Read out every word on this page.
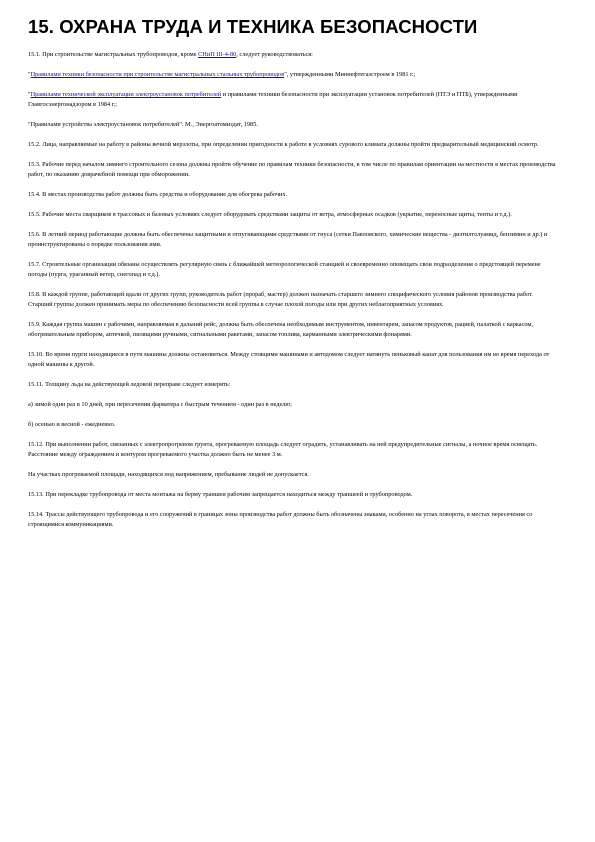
15. ОХРАНА ТРУДА И ТЕХНИКА БЕЗОПАСНОСТИ

15.1. При строительстве магистральных трубопроводов, кроме СНиП III-4-80, следует руководствоваться:

"Правилами техники безопасности при строительстве магистральных стальных трубопроводов", утвержденными Миннефтегазстроем в 1981 г.;

"Правилами технической эксплуатации электроустановок потребителей и правилами техники безопасности при эксплуатации установок потребителей (ПТЭ и ПТБ), утвержденными Главгосэнергонадзором в 1984 г.;

"Правилами устройства электроустановок потребителей". М., Энергоатомиздат, 1985.

15.2. Лица, направляемые на работу в районы вечной мерзлоты, при определении пригодности к работе в условиях сурового климата должны пройти предварительный медицинский осмотр.

15.3. Рабочие перед началом зимнего строительного сезона должны пройти обучение по правилам техники безопасности, в том числе по правилам ориентации на местности в местах производства работ, по оказанию доврачебной помощи при обморожении.

15.4. В местах производства работ должны быть средства и оборудование для обогрева рабочих.

15.5. Рабочие места сварщиков в трассовых и базовых условиях следует оборудовать средствами защиты от ветра, атмосферных осадков (укрытие, переносные щиты, тенты и т.д.).

15.6. В летний период работающие должны быть обеспечены защитными и отпугивающими средствами от гнуса (сетки Павловского, химические вещества - диэтилтолуамид, бензимин и др.) и проинструктированы о порядке пользования ими.

15.7. Строительные организации обязаны осуществлять регулярную связь с ближайшей метеорологической станцией и своевременно оповещать свои подразделения о предстоящей перемене погоды (пурга, ураганный ветер, снегопад и т.д.).

15.8. В каждой группе, работающей вдали от других групп, руководитель работ (прораб, мастер) должен назначать старшего зимнего специфического условия районов производства работ. Старший группы должен принимать меры по обеспечению безопасности всей группы в случае плохой погоды или при других неблагоприятных условиях.

15.9. Каждая группа машин с рабочими, направляемая в дальний рейс, должна быть обеспечена необходимым инструментом, инвентарем, запасом продуктов, рацией, палаткой с каркасом, обогревательным прибором, аптечкой, пилящими ручными, сигнальными ракетами, запасом топлива, карманными электрическими фонарями.

15.10. Во время пурги находящиеся в пути машины должны остановиться. Между стоящими машинами и автодомом следует натянуть пеньковый канат для пользования им во время перехода от одной машины к другой.

15.11. Толщину льда на действующей ледовой переправе следует измерять:

а) зимой один раз в 10 дней, при пересечении фарватера с быстрым течением - один раз в неделю;

б) осенью и весной - ежедневно.

15.12. При выполнении работ, связанных с электропрогревом грунта, прогреваемую площадь следует оградить, устанавливать на ней предупредительные сигналы, а ночное время освещать. Расстояние между ограждением и контуром прогреваемого участка должно быть не менее 3 м.

На участках прогреваемой площади, находящихся под напряжением, пребывание людей не допускается.

15.13. При перекладке трубопровода от места монтажа на берму траншеи рабочим запрещается находиться между траншеей и трубопроводом.

15.14. Трассы действующего трубопровода и его сооружений в границах зоны производства работ должны быть обозначены знаками, особенно на углах поворота, в местах пересечения со строящимися коммуникациями.
